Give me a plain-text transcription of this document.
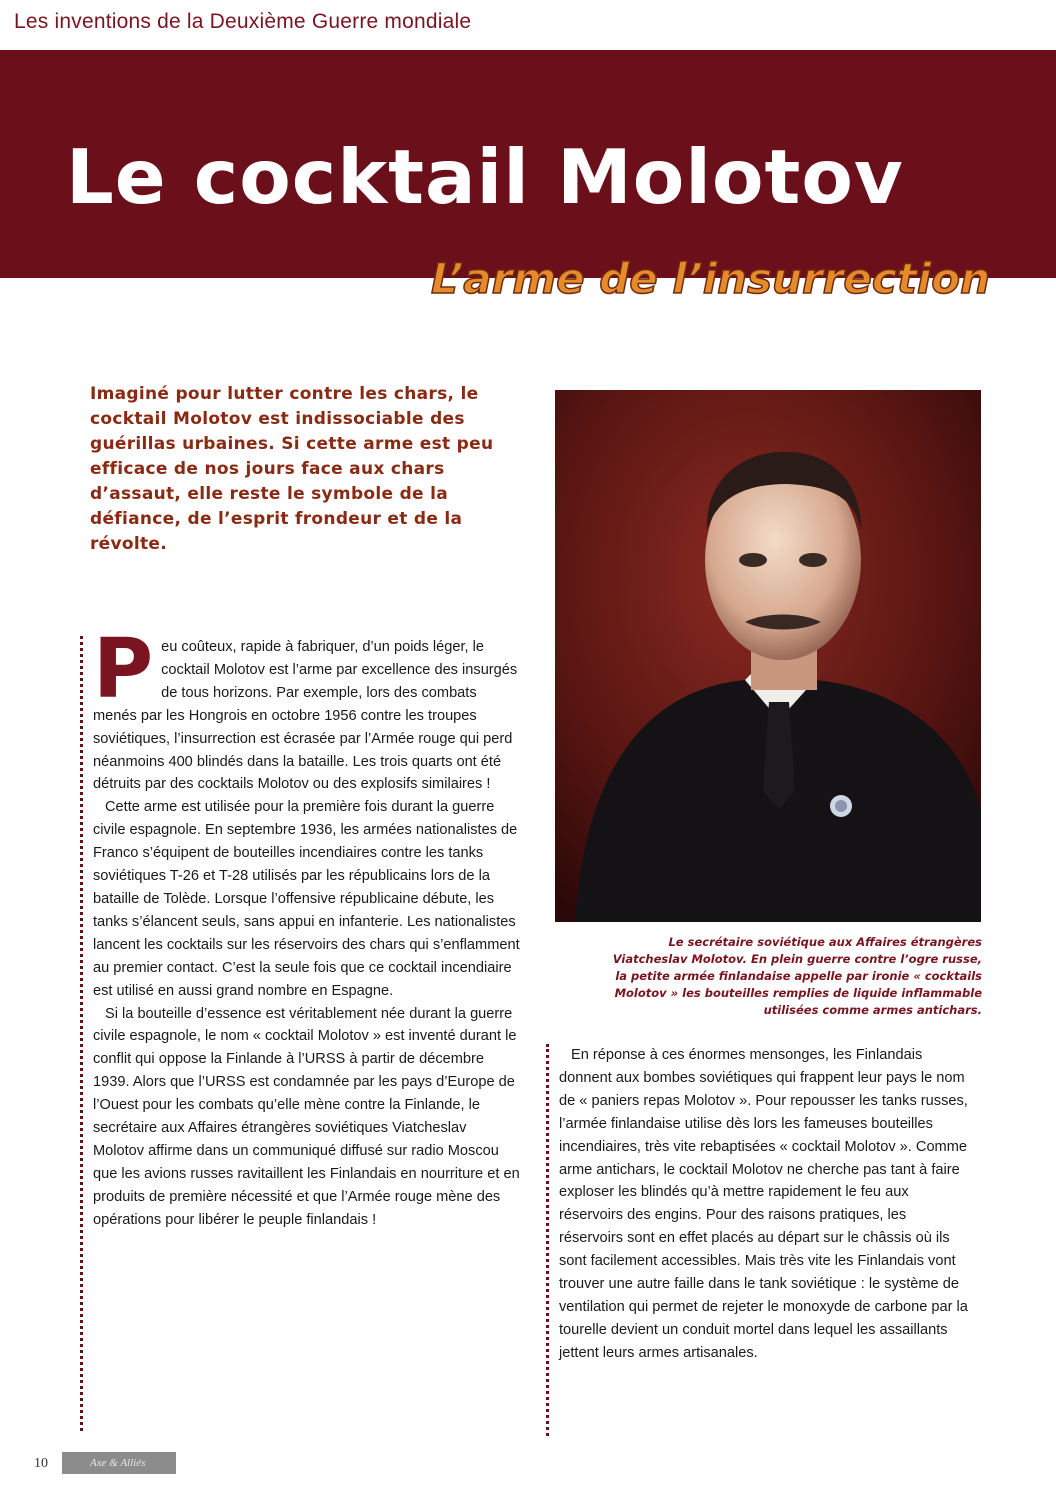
Les inventions de la Deuxième Guerre mondiale
par Boris LAURENT
Le cocktail Molotov
L’arme de l’insurrection

Imaginé pour lutter contre les chars, le cocktail Molotov est indissociable des guérillas urbaines. Si cette arme est peu efficace de nos jours face aux chars d’assaut, elle reste le symbole de la défiance, de l’esprit frondeur et de la révolte.

Le secrétaire soviétique aux Affaires étrangères Viatcheslav Molotov. En plein guerre contre l’ogre russe, la petite armée finlandaise appelle par ironie « cocktails Molotov » les bouteilles remplies de liquide inflammable utilisées comme armes antichars.

P eu coûteux, rapide à fabriquer, d’un poids léger, le cocktail Molotov est l’arme par excellence des insurgés de tous horizons. Par exemple, lors des combats menés par les Hongrois en octobre 1956 contre les troupes soviétiques, l’insurrection est écrasée par l’Armée rouge qui perd néanmoins 400 blindés dans la bataille. Les trois quarts ont été détruits par des cocktails Molotov ou des explosifs similaires !

Cette arme est utilisée pour la première fois durant la guerre civile espagnole. En septembre 1936, les armées nationalistes de Franco s’équipent de bouteilles incendiaires contre les tanks soviétiques T-26 et T-28 utilisés par les républicains lors de la bataille de Tolède. Lorsque l’offensive républicaine débute, les tanks s’élancent seuls, sans appui en infanterie. Les nationalistes lancent les cocktails sur les réservoirs des chars qui s’enflamment au premier contact. C’est la seule fois que ce cocktail incendiaire est utilisé en aussi grand nombre en Espagne.

Si la bouteille d’essence est véritablement née durant la guerre civile espagnole, le nom « cocktail Molotov » est inventé durant le conflit qui oppose la Finlande à l’URSS à partir de décembre 1939. Alors que l’URSS est condamnée par les pays d’Europe de l’Ouest pour les combats qu’elle mène contre la Finlande, le secrétaire aux Affaires étrangères soviétiques Viatcheslav Molotov affirme dans un communiqué diffusé sur radio Moscou que les avions russes ravitaillent les Finlandais en nourriture et en produits de première nécessité et que l’Armée rouge mène des opérations pour libérer le peuple finlandais !

En réponse à ces énormes mensonges, les Finlandais donnent aux bombes soviétiques qui frappent leur pays le nom de « paniers repas Molotov ». Pour repousser les tanks russes, l’armée finlandaise utilise dès lors les fameuses bouteilles incendiaires, très vite rebaptisées « cocktail Molotov ». Comme arme antichars, le cocktail Molotov ne cherche pas tant à faire exploser les blindés qu’à mettre rapidement le feu aux réservoirs des engins. Pour des raisons pratiques, les réservoirs sont en effet placés au départ sur le châssis où ils sont facilement accessibles. Mais très vite les Finlandais vont trouver une autre faille dans le tank soviétique : le système de ventilation qui permet de rejeter le monoxyde de carbone par la tourelle devient un conduit mortel dans lequel les assaillants jettent leurs armes artisanales.

10	Axe & Alliés
